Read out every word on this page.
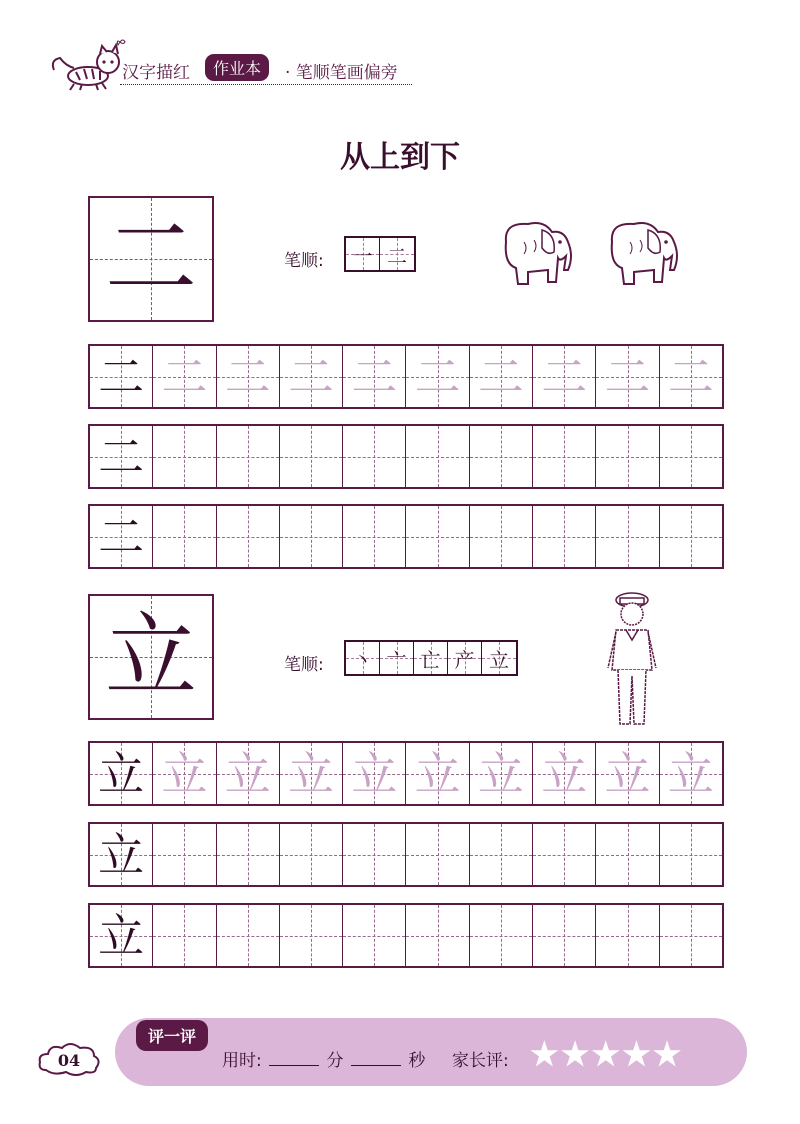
汉字描红	作业本	· 笔顺笔画偏旁
从上到下
二	笔顺: 一 二
二 二 二 二 二 二 二 二 二 二
二
二
立	笔顺: 丶 亠 亡 产 立
立 立 立 立 立 立 立 立 立 立
立
立
评一评
用时:	分	秒 家长评: ★ ★ ★ ★ ★
04
